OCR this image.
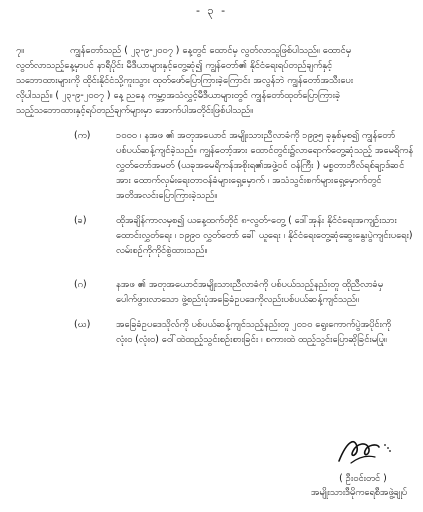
- ၃ -
၇။	ကျွန်တော်သည် ( ၂၃-၉-၂၀၀၇ ) နေ့တွင် ထောင်မှ လွတ်လာသူဖြစ်ပါသည်။ ထောင်မှ
လွတ်လာသည့်နေ့မှာပင် နာရီပိုင်း မီဒီယာများနှင့်တွေ့ဆုံ၍ ကျွန်တော်၏ နိုင်ငံရေးရပ်တည်ချက်နှင့်
သဘောထားများကို ထိုင်းနိုင်ငံသို့ကူးသွား ထုတ်ဖော်ပြောကြားခဲ့ကြောင်း အလွန်ဘဲ ကျွန်တော်အသီးပေး
လိုပါသည်။ ( ၂၃-၉-၂၀၀၇ ) နေ့ ညနေ ကမ္ဘာ့အသံလွှင့်မီဒီယာများတွင် ကျွန်တော်ထုတ်ပြောကြားခဲ့
သည့်သဘောထားနှင့်ရပ်တည်ချက်များမှာ အောက်ပါအတိုင်းဖြစ်ပါသည်။
(က)	၁၀၀၀ ၊ နအဖ ၏ အတုအယောင် အမျိုးသားညီလာခံကို ၁၉၉၅ ခုနှစ်မှစ၍ ကျွန်တော်
ပစ်ပယ်ဆန့်ကျင်ခဲ့သည်။ ကျွန်တော့်အား ထောင်တွင်း၌လာရောက်တွေ့ဆုံသည့် အမေရိကန်
လွှတ်တော်အမတ် (ယခုအမေရိကန်အစိုးရ၏အဖွဲ့ဝင် ဝန်ကြီး ) မစ္စတာဘီလ်ရစ်ချာ့ဒ်ဆင်
အား ထောက်လှမ်းရေးတာဝန်ခံများရှေ့မှောက် ၊ အသံသွင်းစက်များရှေ့မှောက်တွင်
အတိအလင်းပြောကြားခဲ့သည်။
(ခ)	ထိုအချိန်ကာလမှစ၍ ယနေ့ထက်တိုင် ၈-လွတ်-တွေ့ ( ဒေါ်အုန်း နိုင်ငံရေးအကျဉ်းသား
ထောင်းလွှတ်ရေး ၊ ၁၉၉၀ လွှတ်တော် ခေါ် ယူရေး ၊ နိုင်ငံရေးတွေ့ဆုံဆွေးနွေးပွဲကျင်းပရေး)
လမ်းစဉ်ကိုကိုင်စွဲထားသည်။
(ဂ)	နအဖ ၏ အတုအယောင်အမျိုးသားညီလာခံကို ပစ်ပယ်သည့်နည်းတူ ထိုညီလာခံမှ
ပေါက်ဖွားလာသော ဖွဲ့စည်းပုံအခြေခံဥပဒေကိုလည်းပစ်ပယ်ဆန့်ကျင်သည်။
(ဃ)	အခြေခံဥပဒေသိုလ်ကို ပစ်ပယ်ဆန့်ကျင်သည့်နည်းတူ ၂၀၁၀ ရွေးကောက်ပွဲအပိုင်းကို
လုံး၀ (လုံး၀) ဝေါ်ထဲထည့်သွင်းစဉ်းစားခြင်း ၊ စကားထဲ ထည့်သွင်းပြောဆိုခြင်းမပြု။
( ဦးဝင်းတင် )
အမျိုးသားဒီမိုကရေစီအဖွဲ့ချုပ်
